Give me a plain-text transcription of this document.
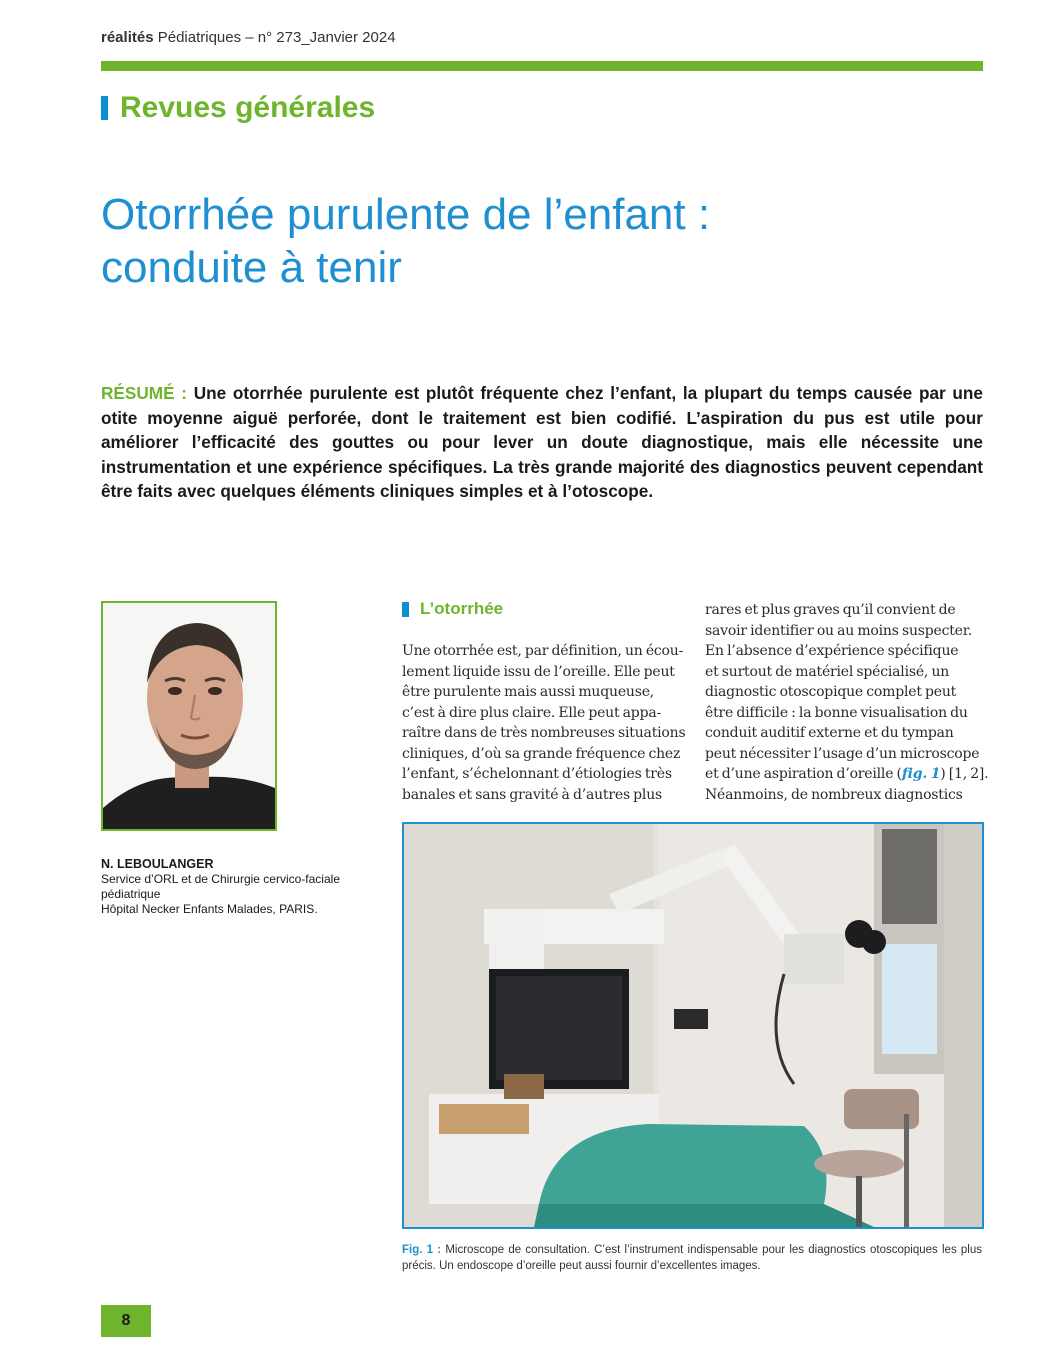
réalités Pédiatriques – n° 273_Janvier 2024
Revues générales
Otorrhée purulente de l’enfant :
conduite à tenir
RÉSUMÉ : Une otorrhée purulente est plutôt fréquente chez l’enfant, la plupart du temps causée par une otite moyenne aiguë perforée, dont le traitement est bien codifié. L’aspiration du pus est utile pour améliorer l’efficacité des gouttes ou pour lever un doute diagnostique, mais elle nécessite une instrumentation et une expérience spécifiques. La très grande majorité des diagnostics peuvent cependant être faits avec quelques éléments cliniques simples et à l’otoscope.
N. LEBOULANGER
Service d’ORL et de Chirurgie cervico-faciale pédiatrique
Hôpital Necker Enfants Malades, PARIS.
L’otorrhée
Une otorrhée est, par définition, un écou-
lement liquide issu de l’oreille. Elle peut
être purulente mais aussi muqueuse,
c’est à dire plus claire. Elle peut appa-
raître dans de très nombreuses situations
cliniques, d’où sa grande fréquence chez
l’enfant, s’échelonnant d’étiologies très
banales et sans gravité à d’autres plus
rares et plus graves qu’il convient de
savoir identifier ou au moins suspecter.
En l’absence d’expérience spécifique
et surtout de matériel spécialisé, un
diagnostic otoscopique complet peut
être difficile : la bonne visualisation du
conduit auditif externe et du tympan
peut nécessiter l’usage d’un microscope
et d’une aspiration d’oreille (fig. 1) [1, 2].
Néanmoins, de nombreux diagnostics
Fig. 1 : Microscope de consultation. C’est l’instrument indispensable pour les diagnostics otoscopiques les plus précis. Un endoscope d’oreille peut aussi fournir d’excellentes images.
8
